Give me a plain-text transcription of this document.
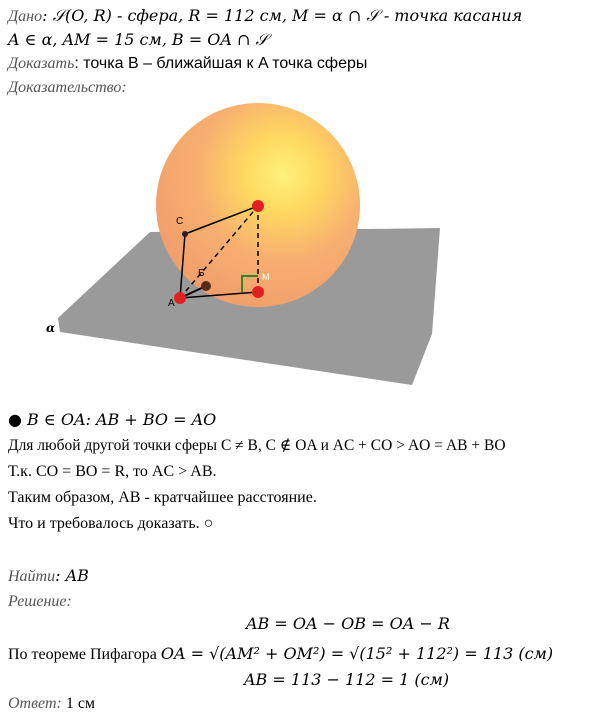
Дано: 𝒮(O, R) - сфера, R = 112 см, M = α ∩ 𝒮 - точка касания
A ∈ α, AM = 15 см, B = OA ∩ 𝒮
Доказать: точка B – ближайшая к A точка сферы
Доказательство:
C
Б
A
M
α
● B ∈ OA: AB + BO = AO
Для любой другой точки сферы C ≠ B, C ∉ OA и AC + CO > AO = AB + BO
Т.к. CO = BO = R, то AC > AB.
Таким образом, AB - кратчайшее расстояние.
Что и требовалось доказать. ○
Найти: AB
Решение:
AB = OA − OB = OA − R
По теореме Пифагора OA = √(AM² + OM²) = √(15² + 112²) = 113 (см)
AB = 113 − 112 = 1 (см)
Ответ: 1 см
